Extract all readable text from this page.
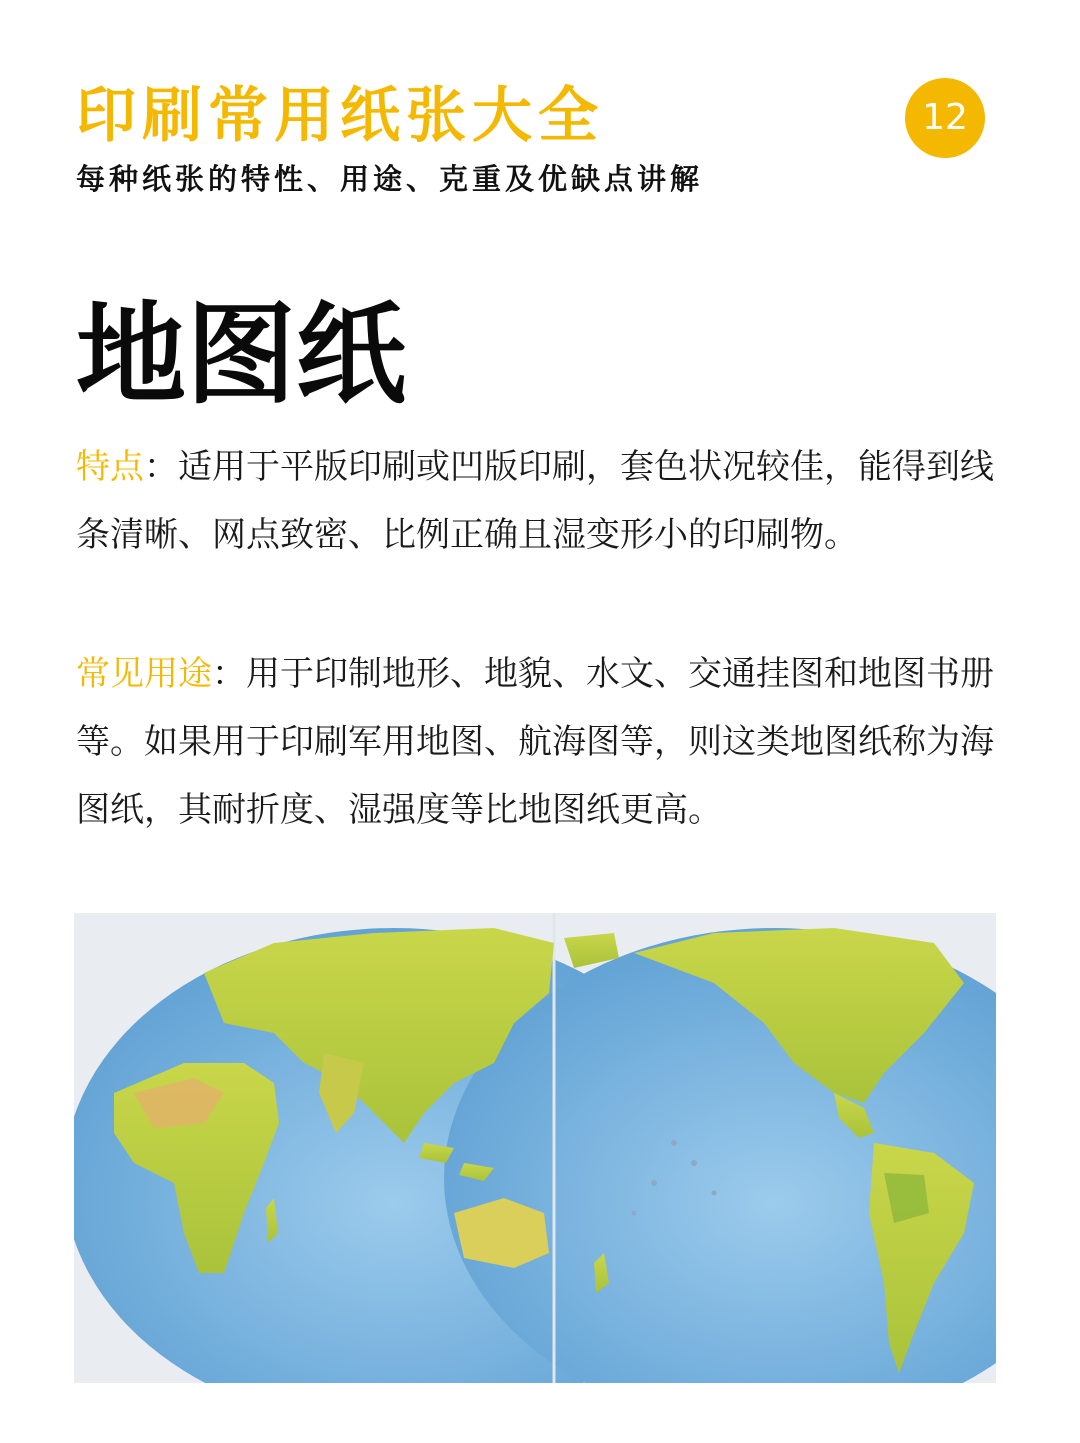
印刷常用纸张大全

每种纸张的特性、用途、克重及优缺点讲解

12
地图纸

特点：适用于平版印刷或凹版印刷，套色状况较佳，能得到线条清晰、网点致密、比例正确且湿变形小的印刷物。

常见用途：用于印制地形、地貌、水文、交通挂图和地图书册等。如果用于印刷军用地图、航海图等，则这类地图纸称为海图纸，其耐折度、湿强度等比地图纸更高。
